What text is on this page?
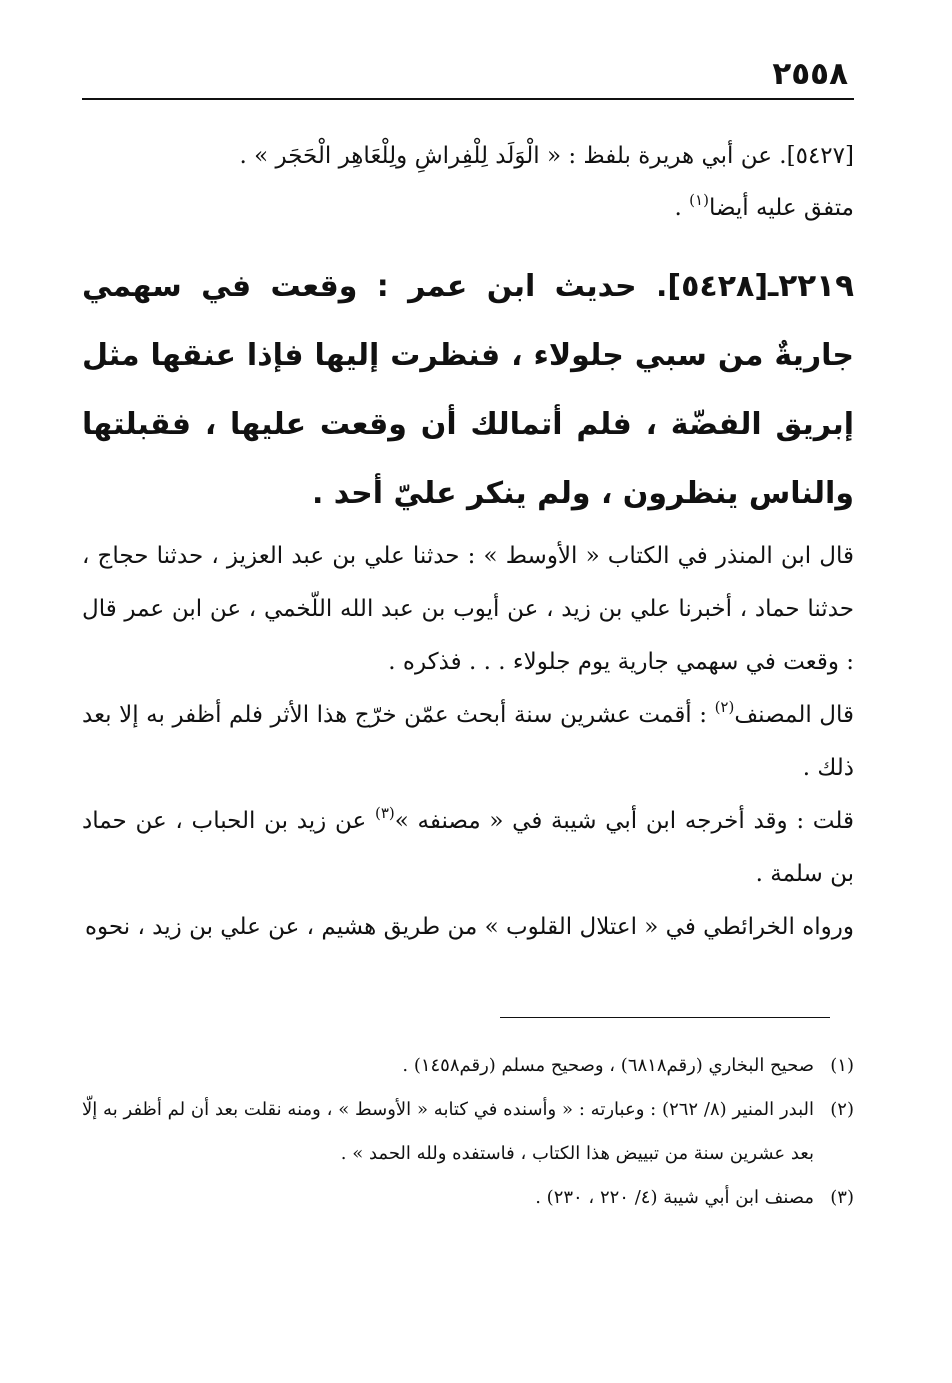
٢٥٥٨
[٥٤٢٧]. عن أبي هريرة بلفظ : « الْوَلَد لِلْفِراشِ ولِلْعَاهِر الْحَجَر » .
متفق عليه أيضا$^{(١)}$ .
٢٢١٩ـ[٥٤٢٨]. حديث ابن عمر : وقعت في سهمي جاريةٌ من سبي جلولاء ، فنظرت إليها فإذا عنقها مثل إبريق الفضّة ، فلم أتمالك أن وقعت عليها ، فقبلتها والناس ينظرون ، ولم ينكر عليّ أحد .

قال ابن المنذر في الكتاب « الأوسط » : حدثنا علي بن عبد العزيز ، حدثنا حجاج ، حدثنا حماد ، أخبرنا علي بن زيد ، عن أيوب بن عبد الله اللّخمي ، عن ابن عمر قال : وقعت في سهمي جارية يوم جلولاء . . . فذكره .

قال المصنف$^{(٢)}$ : أقمت عشرين سنة أبحث عمّن خرّج هذا الأثر فلم أظفر به إلا بعد ذلك .

قلت : وقد أخرجه ابن أبي شيبة في « مصنفه »$^{(٣)}$ عن زيد بن الحباب ، عن حماد بن سلمة .

ورواه الخرائطي في « اعتلال القلوب » من طريق هشيم ، عن علي بن زيد ، نحوه

(١)
صحيح البخاري (رقم٦٨١٨) ، وصحيح مسلم (رقم١٤٥٨) .
(٢)
البدر المنير (٨/ ٢٦٢) : وعبارته : « وأسنده في كتابه « الأوسط » ، ومنه نقلت بعد أن لم أظفر به إلّا بعد عشرين سنة من تبييض هذا الكتاب ، فاستفده ولله الحمد » .
(٣)
مصنف ابن أبي شيبة (٤/ ٢٢٠ ، ٢٣٠) .
